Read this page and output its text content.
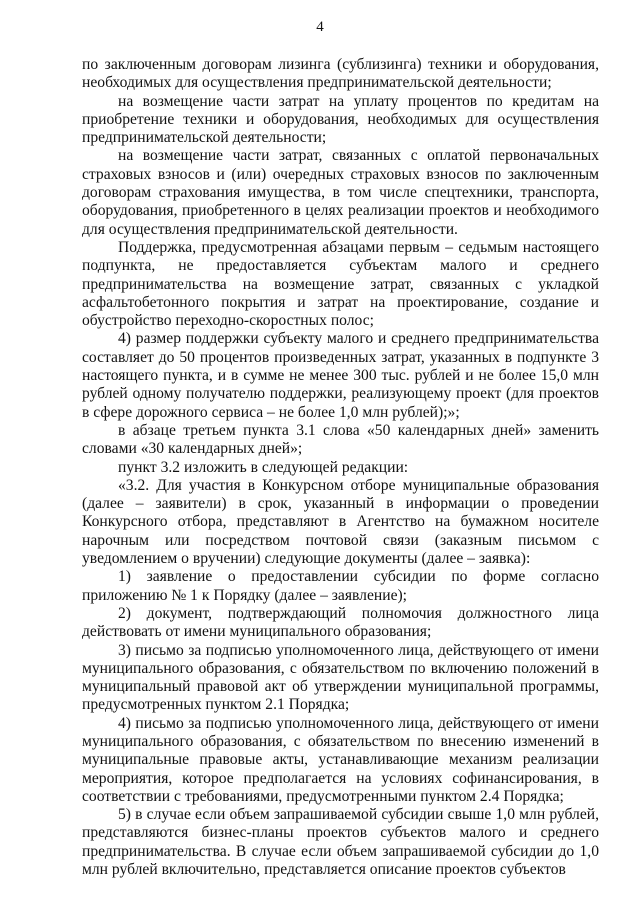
4

по заключенным договорам лизинга (сублизинга) техники и оборудования, необходимых для осуществления предпринимательской деятельности;

на возмещение части затрат на уплату процентов по кредитам на приобретение техники и оборудования, необходимых для осуществления предпринимательской деятельности;

на возмещение части затрат, связанных с оплатой первоначальных страховых взносов и (или) очередных страховых взносов по заключенным договорам страхования имущества, в том числе спецтехники, транспорта, оборудования, приобретенного в целях реализации проектов и необходимого для осуществления предпринимательской деятельности.

Поддержка, предусмотренная абзацами первым – седьмым настоящего подпункта, не предоставляется субъектам малого и среднего предпринимательства на возмещение затрат, связанных с укладкой асфальтобетонного покрытия и затрат на проектирование, создание и обустройство переходно-скоростных полос;

4) размер поддержки субъекту малого и среднего предпринимательства составляет до 50 процентов произведенных затрат, указанных в подпункте 3 настоящего пункта, и в сумме не менее 300 тыс. рублей и не более 15,0 млн рублей одному получателю поддержки, реализующему проект (для проектов в сфере дорожного сервиса – не более 1,0 млн рублей);»;

в абзаце третьем пункта 3.1 слова «50 календарных дней» заменить словами «30 календарных дней»;

пункт 3.2 изложить в следующей редакции:

«3.2. Для участия в Конкурсном отборе муниципальные образования (далее – заявители) в срок, указанный в информации о проведении Конкурсного отбора, представляют в Агентство на бумажном носителе нарочным или посредством почтовой связи (заказным письмом с уведомлением о вручении) следующие документы (далее – заявка):

1) заявление о предоставлении субсидии по форме согласно приложению № 1 к Порядку (далее – заявление);

2) документ, подтверждающий полномочия должностного лица действовать от имени муниципального образования;

3) письмо за подписью уполномоченного лица, действующего от имени муниципального образования, с обязательством по включению положений в муниципальный правовой акт об утверждении муниципальной программы, предусмотренных пунктом 2.1 Порядка;

4) письмо за подписью уполномоченного лица, действующего от имени муниципального образования, с обязательством по внесению изменений в муниципальные правовые акты, устанавливающие механизм реализации мероприятия, которое предполагается на условиях софинансирования, в соответствии с требованиями, предусмотренными пунктом 2.4 Порядка;

5) в случае если объем запрашиваемой субсидии свыше 1,0 млн рублей, представляются бизнес-планы проектов субъектов малого и среднего предпринимательства. В случае если объем запрашиваемой субсидии до 1,0 млн рублей включительно, представляется описание проектов субъектов
